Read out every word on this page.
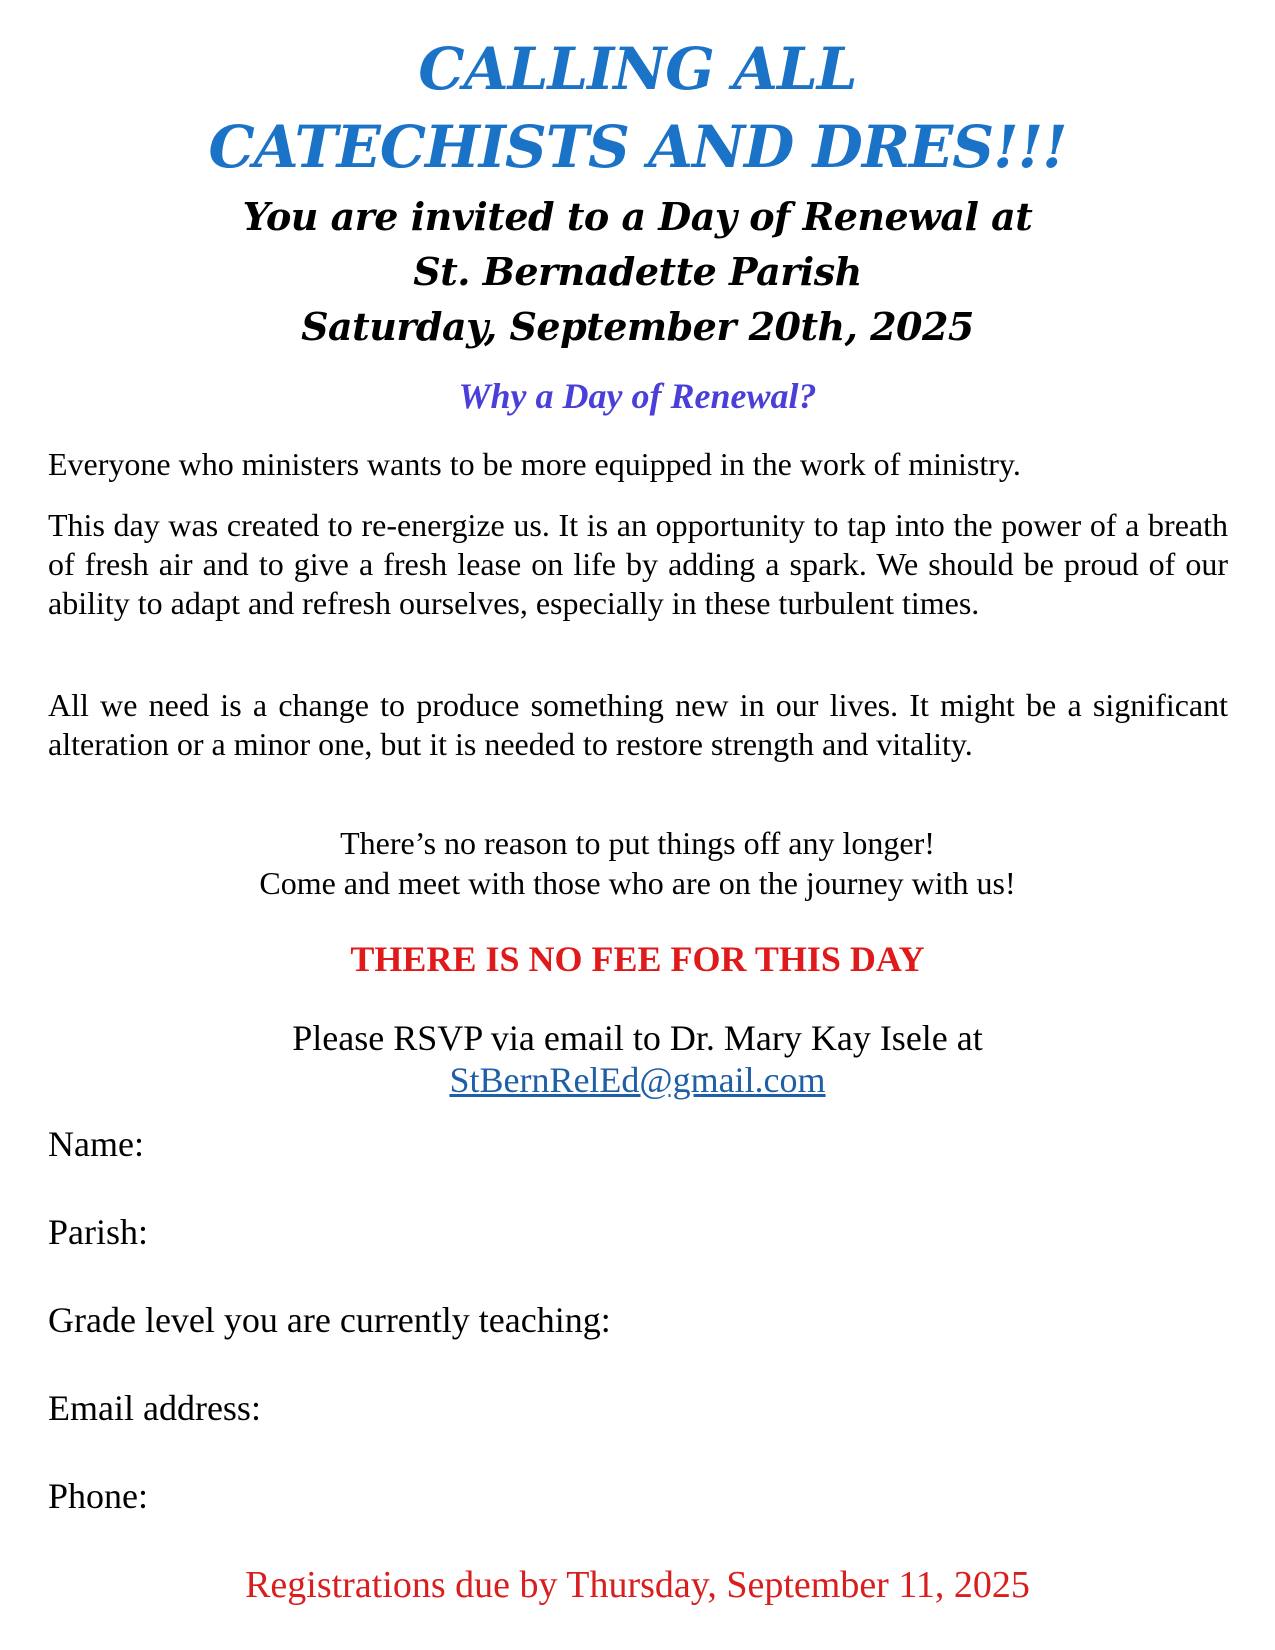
CALLING ALL
CATECHISTS AND DRES!!!

You are invited to a Day of Renewal at

St. Bernadette Parish

Saturday, September 20th, 2025

Why a Day of Renewal?

Everyone who ministers wants to be more equipped in the work of ministry.

This day was created to re-energize us. It is an opportunity to tap into the power of a breath of fresh air and to give a fresh lease on life by adding a spark. We should be proud of our ability to adapt and refresh ourselves, especially in these turbulent times.

All we need is a change to produce something new in our lives. It might be a significant alteration or a minor one, but it is needed to restore strength and vitality.

There’s no reason to put things off any longer!

Come and meet with those who are on the journey with us!

THERE IS NO FEE FOR THIS DAY

Please RSVP via email to Dr. Mary Kay Isele at

StBernRelEd@gmail.com

Name:

Parish:

Grade level you are currently teaching:

Email address:

Phone:

Registrations due by Thursday, September 11, 2025
